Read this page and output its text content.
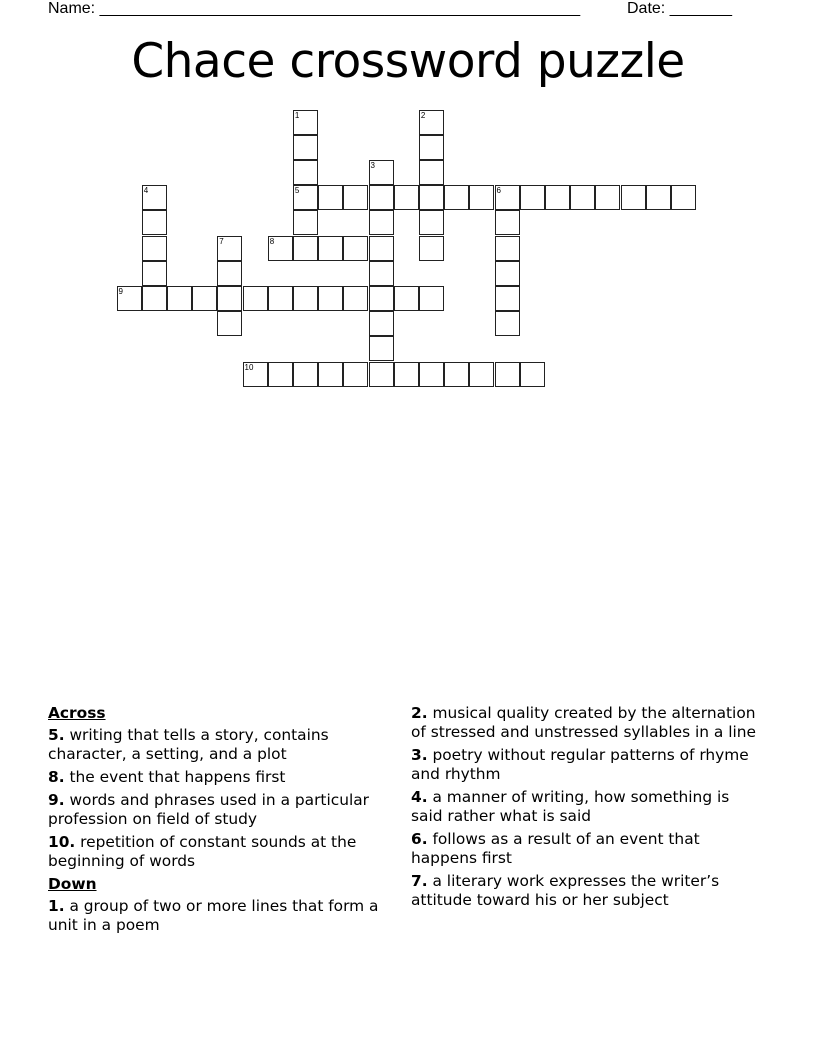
Name: ______________________________________________________	Date: _______
Chace crossword puzzle
1
5
2
3
4	6
7	8
9
10
Across
5. writing that tells a story, contains character, a setting, and a plot
8. the event that happens first
9. words and phrases used in a particular profession on field of study
10. repetition of constant sounds at the beginning of words
Down
1. a group of two or more lines that form a unit in a poem
2. musical quality created by the alternation of stressed and unstressed syllables in a line
3. poetry without regular patterns of rhyme and rhythm
4. a manner of writing, how something is said rather what is said
6. follows as a result of an event that happens first
7. a literary work expresses the writer’s attitude toward his or her subject
